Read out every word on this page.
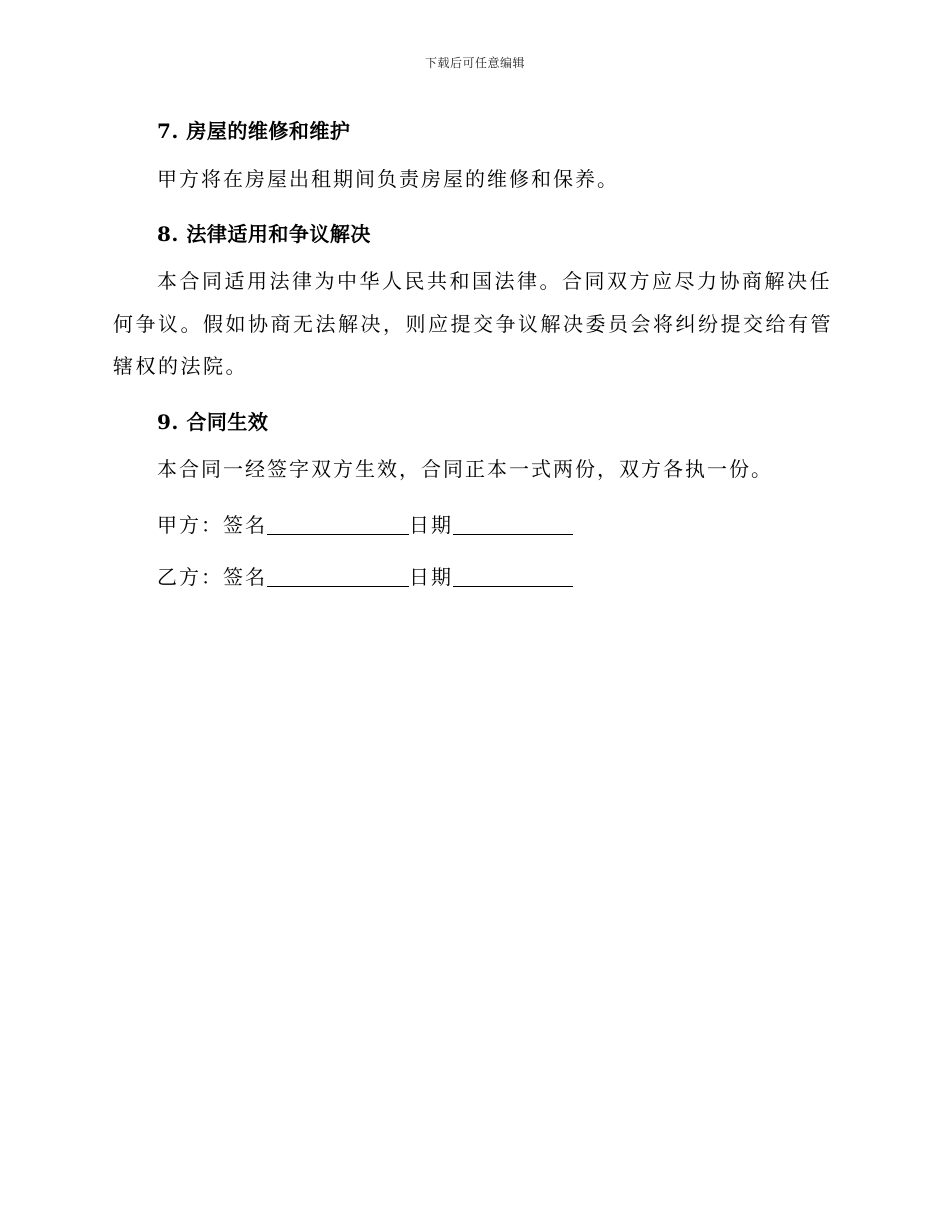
下载后可任意编辑
7. 房屋的维修和维护
甲方将在房屋出租期间负责房屋的维修和保养。
8. 法律适用和争议解决
本合同适用法律为中华人民共和国法律。合同双方应尽力协商解决任何争议。假如协商无法解决，则应提交争议解决委员会将纠纷提交给有管辖权的法院。
9. 合同生效
本合同一经签字双方生效，合同正本一式两份，双方各执一份。
甲方： 签名	日期
乙方： 签名	日期
